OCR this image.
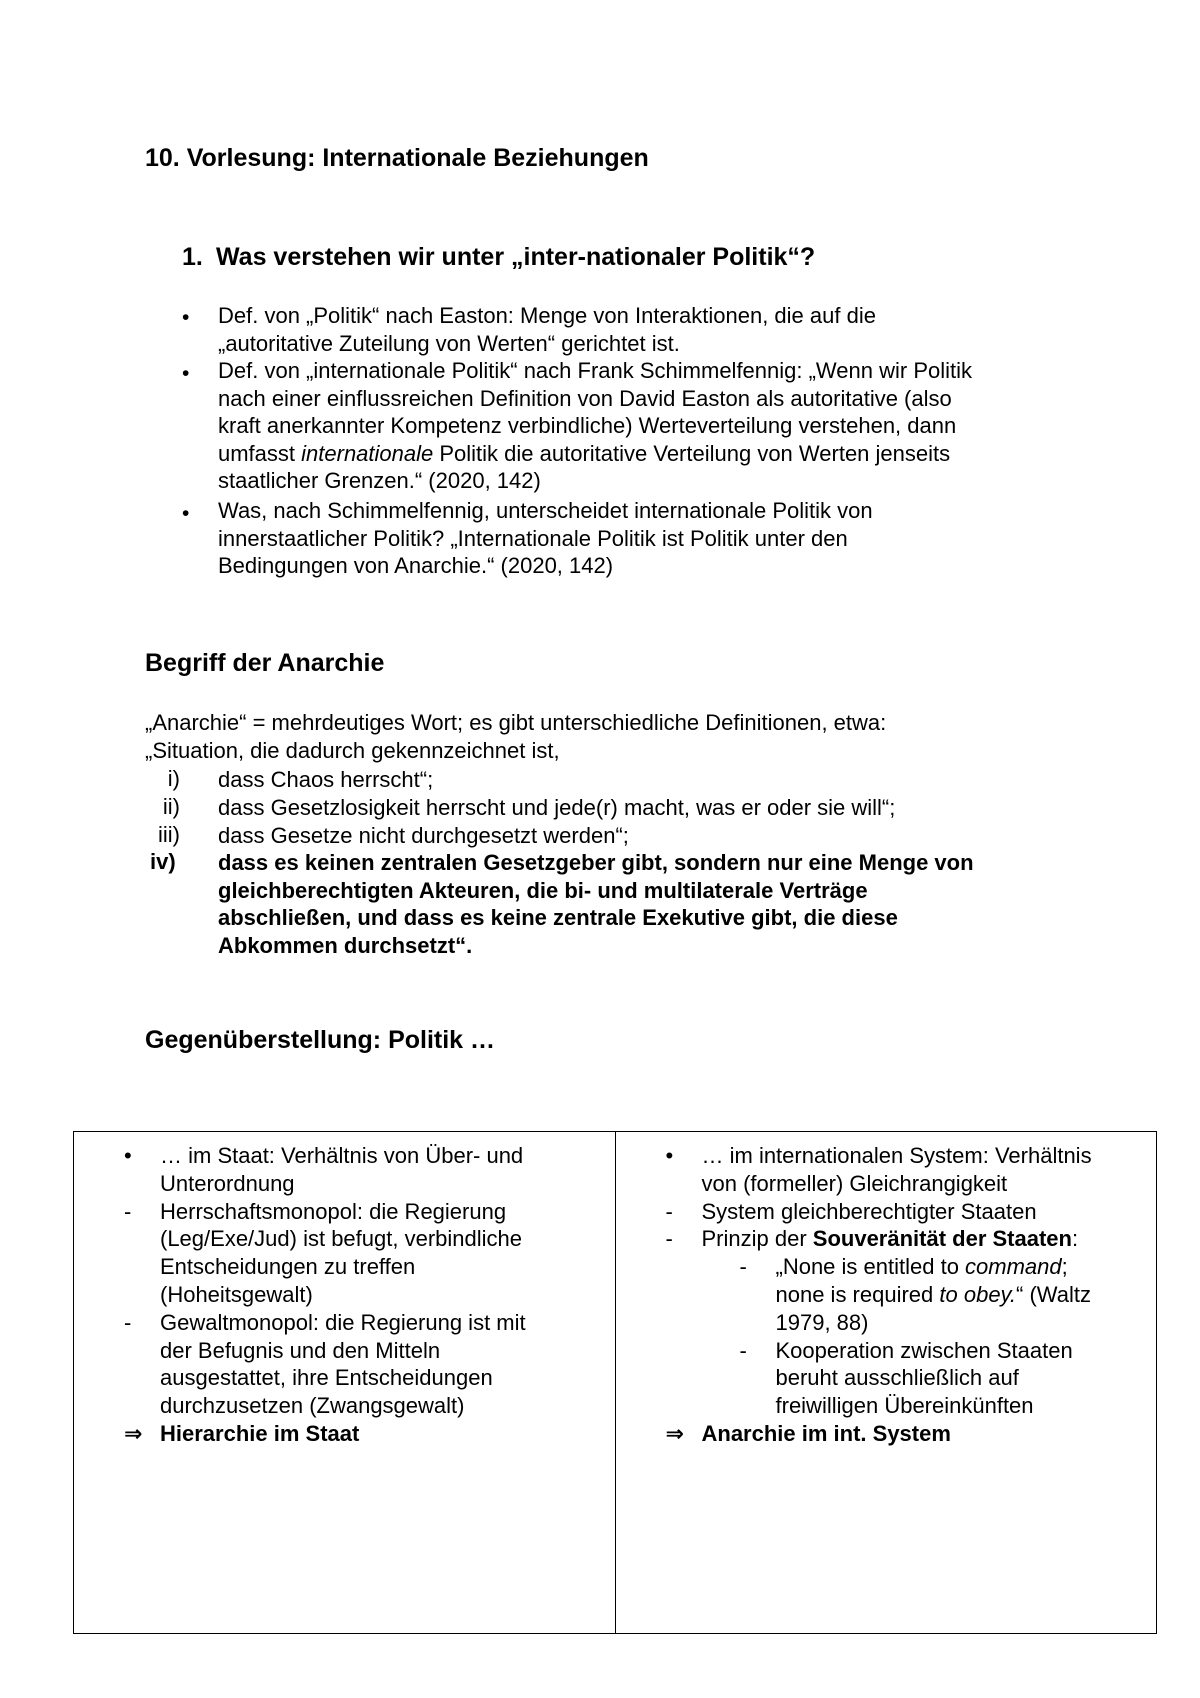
10. Vorlesung: Internationale Beziehungen
1. Was verstehen wir unter „inter-nationaler Politik“?
• Def. von „Politik“ nach Easton: Menge von Interaktionen, die auf die
„autoritative Zuteilung von Werten“ gerichtet ist.
• Def. von „internationale Politik“ nach Frank Schimmelfennig: „Wenn wir Politik
nach einer einflussreichen Definition von David Easton als autoritative (also
kraft anerkannter Kompetenz verbindliche) Werteverteilung verstehen, dann
umfasst internationale Politik die autoritative Verteilung von Werten jenseits
staatlicher Grenzen.“ (2020, 142)
• Was, nach Schimmelfennig, unterscheidet internationale Politik von
innerstaatlicher Politik? „Internationale Politik ist Politik unter den
Bedingungen von Anarchie.“ (2020, 142)
Begriff der Anarchie
„Anarchie“ = mehrdeutiges Wort; es gibt unterschiedliche Definitionen, etwa:
„Situation, die dadurch gekennzeichnet ist,
i) dass Chaos herrscht“;
ii) dass Gesetzlosigkeit herrscht und jede(r) macht, was er oder sie will“;
iii) dass Gesetze nicht durchgesetzt werden“;
iv)	dass es keinen zentralen Gesetzgeber gibt, sondern nur eine Menge von
gleichberechtigten Akteuren, die bi- und multilaterale Verträge
abschließen, und dass es keine zentrale Exekutive gibt, die diese
Abkommen durchsetzt“.
Gegenüberstellung: Politik …
•	… im Staat: Verhältnis von Über- und
Unterordnung
-	Herrschaftsmonopol: die Regierung
(Leg/Exe/Jud) ist befugt, verbindliche
Entscheidungen zu treffen
(Hoheitsgewalt)
-	Gewaltmonopol: die Regierung ist mit
der Befugnis und den Mitteln
ausgestattet, ihre Entscheidungen
durchzusetzen (Zwangsgewalt)
⇒ Hierarchie im Staat

•	… im internationalen System: Verhältnis
von (formeller) Gleichrangigkeit
-	System gleichberechtigter Staaten
-	Prinzip der Souveränität der Staaten:
-	„None is entitled to command;
none is required to obey.“ (Waltz
1979, 88)
-	Kooperation zwischen Staaten
beruht ausschließlich auf
freiwilligen Übereinkünften
⇒ Anarchie im int. System
